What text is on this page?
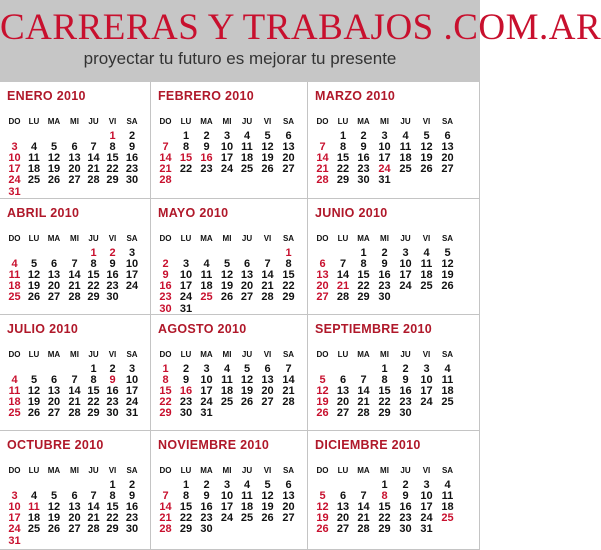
CARRERAS Y TRABAJOS .COM.AR
proyectar tu futuro es mejorar tu presente
ENERO 2010
DO	LU	MA	MI	JU	VI	SA
					1	2
3	4	5	6	7	8	9
10	11	12	13	14	15	16
17	18	19	20	21	22	23
24	25	26	27	28	29	30
31						
FEBRERO 2010
DO	LU	MA	MI	JU	VI	SA
	1	2	3	4	5	6
7	8	9	10	11	12	13
14	15	16	17	18	19	20
21	22	23	24	25	26	27
28						
MARZO 2010
DO	LU	MA	MI	JU	VI	SA
	1	2	3	4	5	6
7	8	9	10	11	12	13
14	15	16	17	18	19	20
21	22	23	24	25	26	27
28	29	30	31			
ABRIL 2010
DO	LU	MA	MI	JU	VI	SA
				1	2	3
4	5	6	7	8	9	10
11	12	13	14	15	16	17
18	19	20	21	22	23	24
25	26	27	28	29	30	
MAYO 2010
DO	LU	MA	MI	JU	VI	SA
						1
2	3	4	5	6	7	8
9	10	11	12	13	14	15
16	17	18	19	20	21	22
23	24	25	26	27	28	29
30	31					
JUNIO 2010
DO	LU	MA	MI	JU	VI	SA
		1	2	3	4	5
6	7	8	9	10	11	12
13	14	15	16	17	18	19
20	21	22	23	24	25	26
27	28	29	30			
JULIO 2010
DO	LU	MA	MI	JU	VI	SA
				1	2	3
4	5	6	7	8	9	10
11	12	13	14	15	16	17
18	19	20	21	22	23	24
25	26	27	28	29	30	31
AGOSTO 2010
DO	LU	MA	MI	JU	VI	SA
1	2	3	4	5	6	7
8	9	10	11	12	13	14
15	16	17	18	19	20	21
22	23	24	25	26	27	28
29	30	31				
SEPTIEMBRE 2010
DO	LU	MA	MI	JU	VI	SA
			1	2	3	4
5	6	7	8	9	10	11
12	13	14	15	16	17	18
19	20	21	22	23	24	25
26	27	28	29	30		
OCTUBRE 2010
DO	LU	MA	MI	JU	VI	SA
					1	2
3	4	5	6	7	8	9
10	11	12	13	14	15	16
17	18	19	20	21	22	23
24	25	26	27	28	29	30
31						
NOVIEMBRE 2010
DO	LU	MA	MI	JU	VI	SA
	1	2	3	4	5	6
7	8	9	10	11	12	13
14	15	16	17	18	19	20
21	22	23	24	25	26	27
28	29	30				
DICIEMBRE 2010
DO	LU	MA	MI	JU	VI	SA
			1	2	3	4
5	6	7	8	9	10	11
12	13	14	15	16	17	18
19	20	21	22	23	24	25
26	27	28	29	30	31	
